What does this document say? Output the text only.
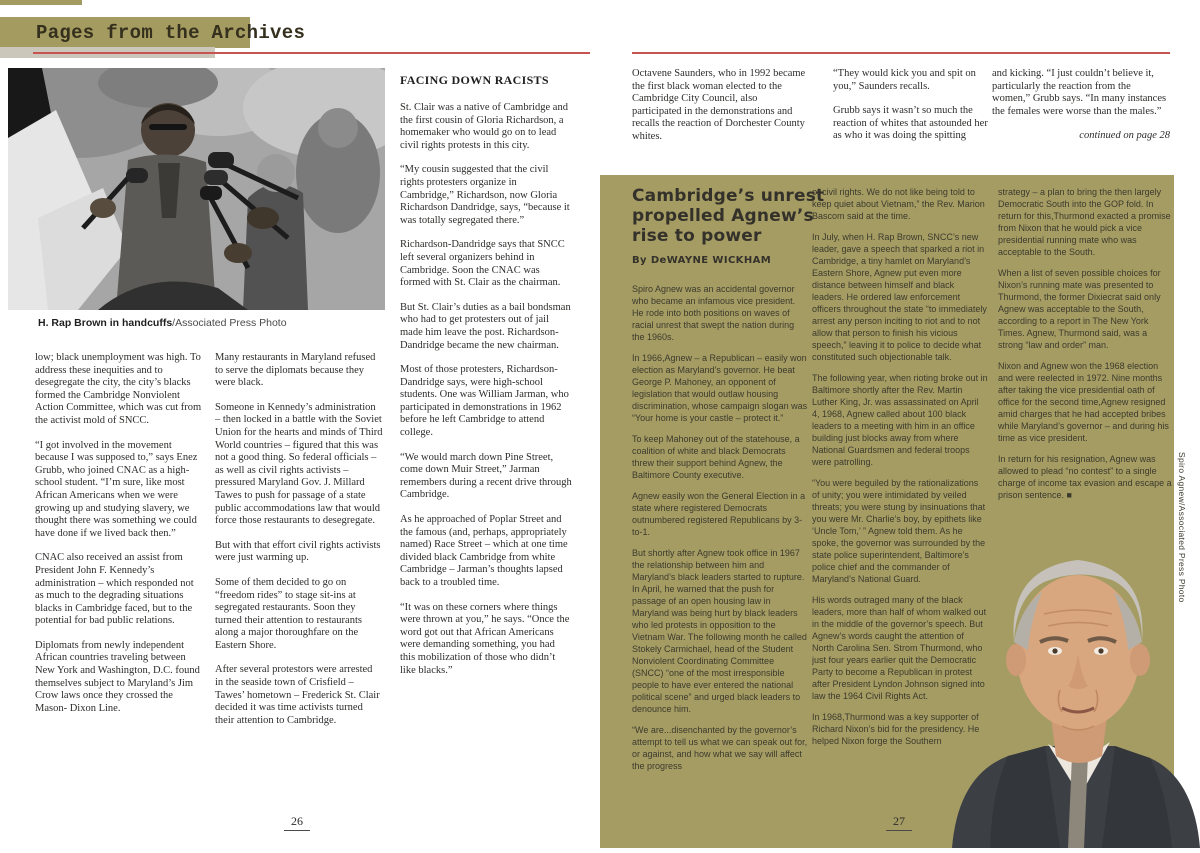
Pages from the Archives
H. Rap Brown in handcuffs/Associated Press Photo

low; black unemployment was high. To address these inequities and to desegregate the city, the city’s blacks formed the Cambridge Nonviolent Action Committee, which was cut from the activist mold of SNCC.

“I got involved in the movement because I was supposed to,” says Enez Grubb, who joined CNAC as a high-school student. “I’m sure, like most African Americans when we were growing up and studying slavery, we thought there was something we could have done if we lived back then.”

CNAC also received an assist from President John F. Kennedy’s administration – which responded not as much to the degrading situations blacks in Cambridge faced, but to the potential for bad public relations.

Diplomats from newly independent African countries traveling between New York and Washington, D.C. found themselves subject to Maryland’s Jim Crow laws once they crossed the Mason- Dixon Line.

Many restaurants in Maryland refused to serve the diplomats because they were black.

Someone in Kennedy’s administration – then locked in a battle with the Soviet Union for the hearts and minds of Third World countries – figured that this was not a good thing. So federal officials – as well as civil rights activists – pressured Maryland Gov. J. Millard Tawes to push for passage of a state public accommodations law that would force those restaurants to desegregate.

But with that effort civil rights activists were just warming up.

Some of them decided to go on “freedom rides” to stage sit-ins at segregated restaurants. Soon they turned their attention to restaurants along a major thoroughfare on the Eastern Shore.

After several protestors were arrested in the seaside town of Crisfield – Tawes’ hometown – Frederick St. Clair decided it was time activists turned their attention to Cambridge.

FACING DOWN RACISTS

St. Clair was a native of Cambridge and the first cousin of Gloria Richardson, a homemaker who would go on to lead civil rights protests in this city.

“My cousin suggested that the civil rights protesters organize in Cambridge,” Richardson, now Gloria Richardson Dandridge, says, “because it was totally segregated there.”

Richardson-Dandridge says that SNCC left several organizers behind in Cambridge. Soon the CNAC was formed with St. Clair as the chairman.

But St. Clair’s duties as a bail bondsman who had to get protesters out of jail made him leave the post. Richardson-Dandridge became the new chairman.

Most of those protesters, Richardson-Dandridge says, were high-school students. One was William Jarman, who participated in demonstrations in 1962 before he left Cambridge to attend college.

“We would march down Pine Street, come down Muir Street,” Jarman remembers during a recent drive through Cambridge.

As he approached of Poplar Street and the famous (and, perhaps, appropriately named) Race Street – which at one time divided black Cambridge from white Cambridge – Jarman’s thoughts lapsed back to a troubled time.

“It was on these corners where things were thrown at you,” he says. “Once the word got out that African Americans were demanding something, you had this mobilization of those who didn’t like blacks.”

26

Octavene Saunders, who in 1992 became the first black woman elected to the Cambridge City Council, also participated in the demonstrations and recalls the reaction of Dorchester County whites.

“They would kick you and spit on you,” Saunders recalls.

Grubb says it wasn’t so much the reaction of whites that astounded her as who it was doing the spitting

and kicking. “I just couldn’t believe it, particularly the reaction from the women,” Grubb says. “In many instances the females were worse than the males.”

continued on page 28
Cambridge’s unrest propelled Agnew’s rise to power
By DeWAYNE WICKHAM

Spiro Agnew was an accidental governor who became an infamous vice president. He rode into both positions on waves of racial unrest that swept the nation during the 1960s.

In 1966,Agnew – a Republican – easily won election as Maryland’s governor. He beat George P. Mahoney, an opponent of legislation that would outlaw housing discrimination, whose campaign slogan was “Your home is your castle – protect it.”

To keep Mahoney out of the statehouse, a coalition of white and black Democrats threw their support behind Agnew, the Baltimore County executive.

Agnew easily won the General Election in a state where registered Democrats outnumbered registered Republicans by 3-to-1.

But shortly after Agnew took office in 1967 the relationship between him and Maryland’s black leaders started to rupture. In April, he warned that the push for passage of an open housing law in Maryland was being hurt by black leaders who led protests in opposition to the Vietnam War. The following month he called Stokely Carmichael, head of the Student Nonviolent Coordinating Committee (SNCC) “one of the most irresponsible people to have ever entered the national political scene” and urged black leaders to denounce him.

“We are...disenchanted by the governor’s attempt to tell us what we can speak out for, or against, and how what we say will affect the progress

of civil rights. We do not like being told to keep quiet about Vietnam,” the Rev. Marion Bascom said at the time.

In July, when H. Rap Brown, SNCC’s new leader, gave a speech that sparked a riot in Cambridge, a tiny hamlet on Maryland’s Eastern Shore, Agnew put even more distance between himself and black leaders. He ordered law enforcement officers throughout the state “to immediately arrest any person inciting to riot and to not allow that person to finish his vicious speech,” leaving it to police to decide what constituted such objectionable talk.

The following year, when rioting broke out in Baltimore shortly after the Rev. Martin Luther King, Jr. was assassinated on April 4, 1968, Agnew called about 100 black leaders to a meeting with him in an office building just blocks away from where National Guardsmen and federal troops were patrolling.

“You were beguiled by the rationalizations of unity; you were intimidated by veiled threats; you were stung by insinuations that you were Mr. Charlie’s boy, by epithets like ‘Uncle Tom,’ ” Agnew told them. As he spoke, the governor was surrounded by the state police superintendent, Baltimore’s police chief and the commander of Maryland’s National Guard.

His words outraged many of the black leaders, more than half of whom walked out in the middle of the governor’s speech. But Agnew’s words caught the attention of North Carolina Sen. Strom Thurmond, who just four years earlier quit the Democratic Party to become a Republican in protest after President Lyndon Johnson signed into law the 1964 Civil Rights Act.

In 1968,Thurmond was a key supporter of Richard Nixon’s bid for the presidency. He helped Nixon forge the Southern

strategy – a plan to bring the then largely Democratic South into the GOP fold. In return for this,Thurmond exacted a promise from Nixon that he would pick a vice presidential running mate who was acceptable to the South.

When a list of seven possible choices for Nixon’s running mate was presented to Thurmond, the former Dixiecrat said only Agnew was acceptable to the South, according to a report in The New York Times. Agnew, Thurmond said, was a strong “law and order” man.

Nixon and Agnew won the 1968 election and were reelected in 1972. Nine months after taking the vice presidential oath of office for the second time,Agnew resigned amid charges that he had accepted bribes while Maryland’s governor – and during his time as vice president.

In return for his resignation, Agnew was allowed to plead “no contest” to a single charge of income tax evasion and escape a prison sentence. ■

27
Spiro Agnew/Associated Press Photo
